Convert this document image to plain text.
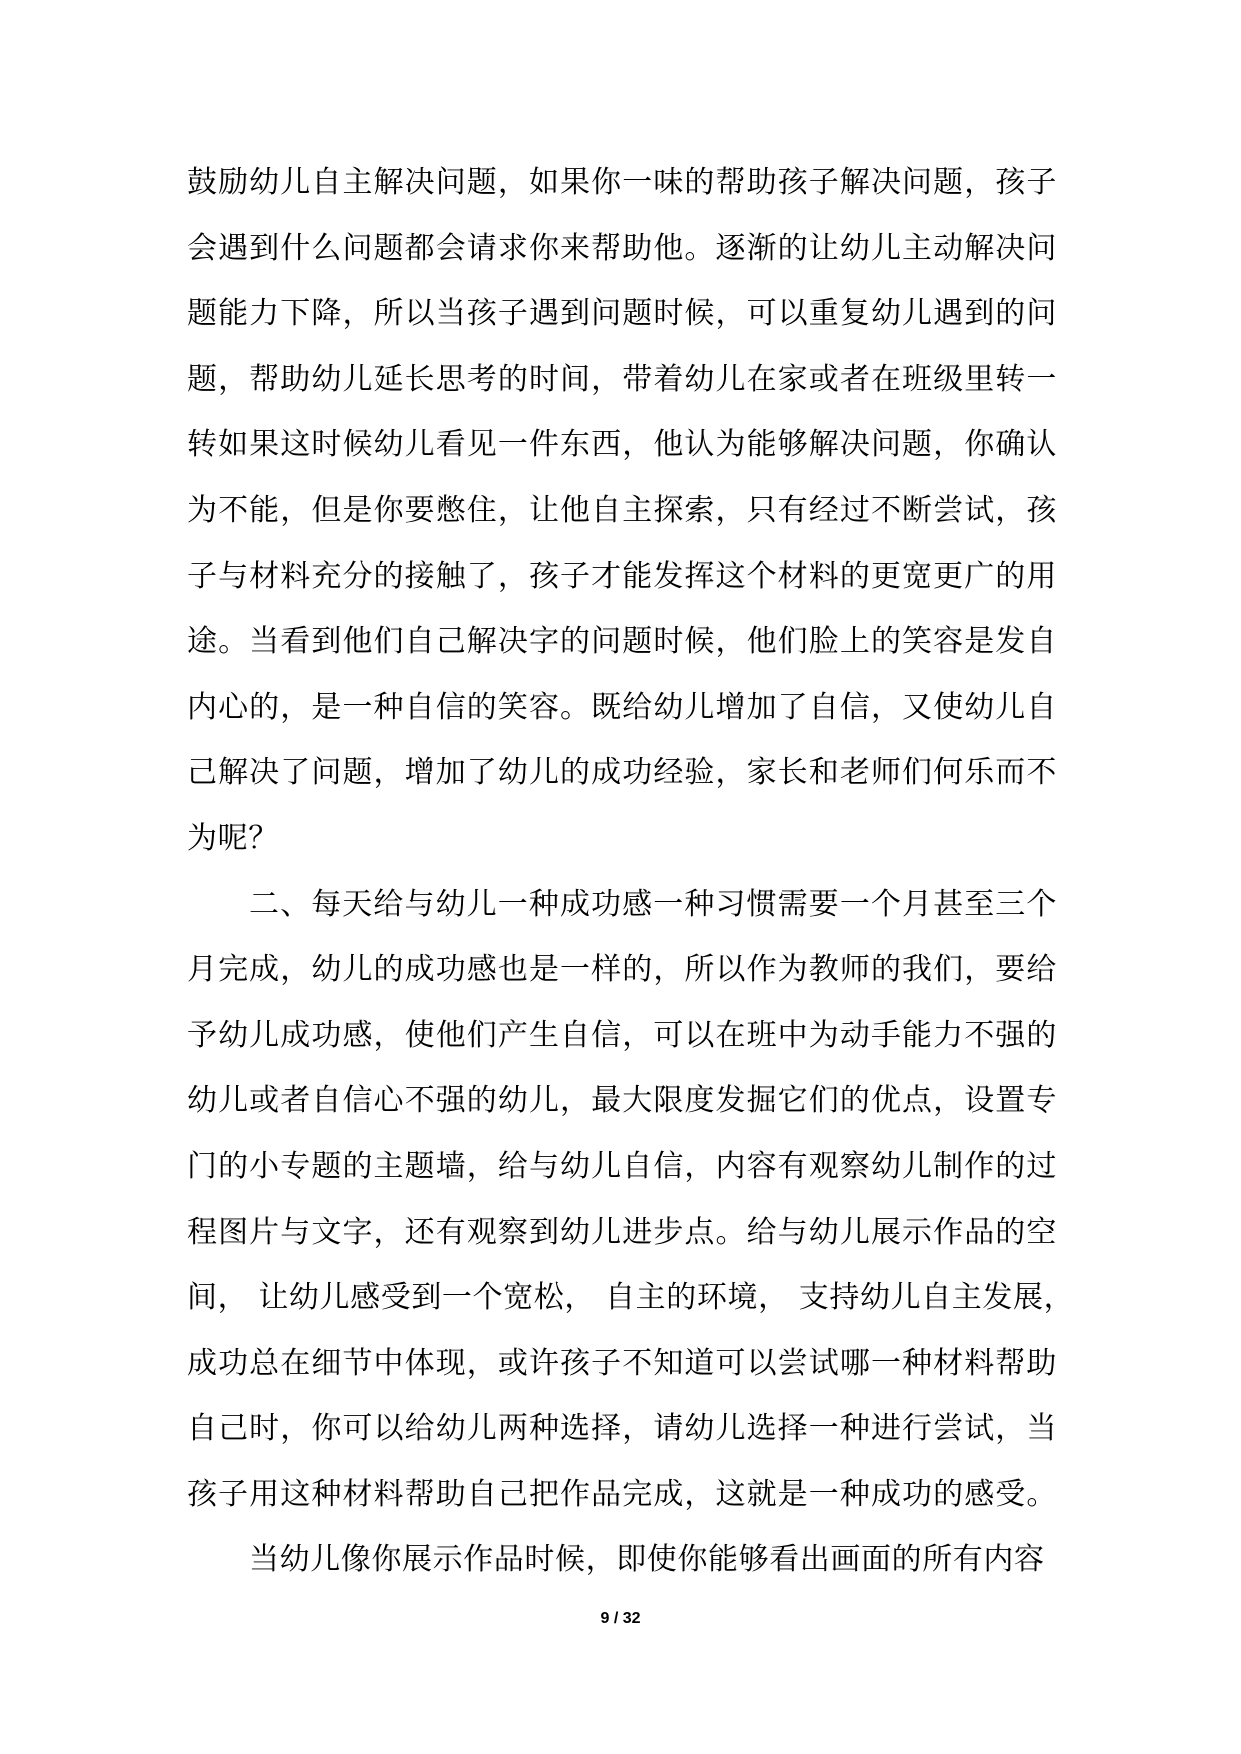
鼓励幼儿自主解决问题，如果你一味的帮助孩子解决问题，孩子
会遇到什么问题都会请求你来帮助他。逐渐的让幼儿主动解决问
题能力下降，所以当孩子遇到问题时候，可以重复幼儿遇到的问
题，帮助幼儿延长思考的时间，带着幼儿在家或者在班级里转一
转如果这时候幼儿看见一件东西，他认为能够解决问题，你确认
为不能，但是你要憋住，让他自主探索，只有经过不断尝试，孩
子与材料充分的接触了，孩子才能发挥这个材料的更宽更广的用
途。当看到他们自己解决字的问题时候，他们脸上的笑容是发自
内心的，是一种自信的笑容。既给幼儿增加了自信，又使幼儿自
己解决了问题，增加了幼儿的成功经验，家长和老师们何乐而不
为呢？
二、每天给与幼儿一种成功感一种习惯需要一个月甚至三个
月完成，幼儿的成功感也是一样的，所以作为教师的我们，要给
予幼儿成功感，使他们产生自信，可以在班中为动手能力不强的
幼儿或者自信心不强的幼儿，最大限度发掘它们的优点，设置专
门的小专题的主题墙，给与幼儿自信，内容有观察幼儿制作的过
程图片与文字，还有观察到幼儿进步点。给与幼儿展示作品的空
间， 让幼儿感受到一个宽松， 自主的环境， 支持幼儿自主发展，
成功总在细节中体现，或许孩子不知道可以尝试哪一种材料帮助
自己时，你可以给幼儿两种选择，请幼儿选择一种进行尝试，当
孩子用这种材料帮助自己把作品完成，这就是一种成功的感受。
当幼儿像你展示作品时候，即使你能够看出画面的所有内容
9 / 32
